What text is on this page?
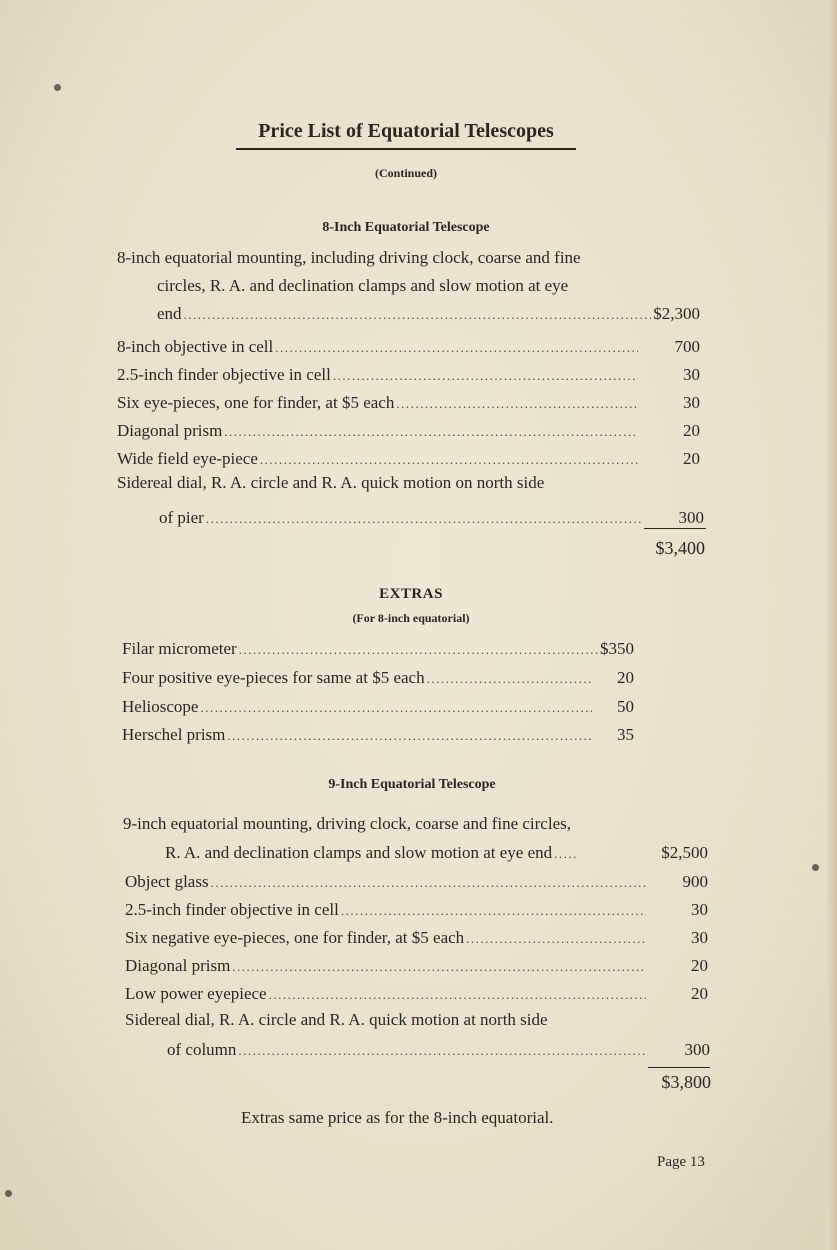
Price List of Equatorial Telescopes
(Continued)
8-Inch Equatorial Telescope
8-inch equatorial mounting, including driving clock, coarse and fine
circles, R. A. and declination clamps and slow motion at eye
end .....	$2,300
8-inch objective in cell .....	700
2.5-inch finder objective in cell .....	30
Six eye-pieces, one for finder, at $5 each .....	30
Diagonal prism .....	20
Wide field eye-piece .....	20
Sidereal dial, R. A. circle and R. A. quick motion on north side
of pier .....	300
$3,400
EXTRAS
(For 8-inch equatorial)
Filar micrometer .....	$350
Four positive eye-pieces for same at $5 each .....	20
Helioscope .....	50
Herschel prism .....	35
9-Inch Equatorial Telescope
9-inch equatorial mounting, driving clock, coarse and fine circles,
R. A. and declination clamps and slow motion at eye end .....	$2,500
Object glass .....	900
2.5-inch finder objective in cell .....	30
Six negative eye-pieces, one for finder, at $5 each .....	30
Diagonal prism .....	20
Low power eyepiece .....	20
Sidereal dial, R. A. circle and R. A. quick motion at north side
of column .....	300
$3,800
Extras same price as for the 8-inch equatorial.
Page 13
